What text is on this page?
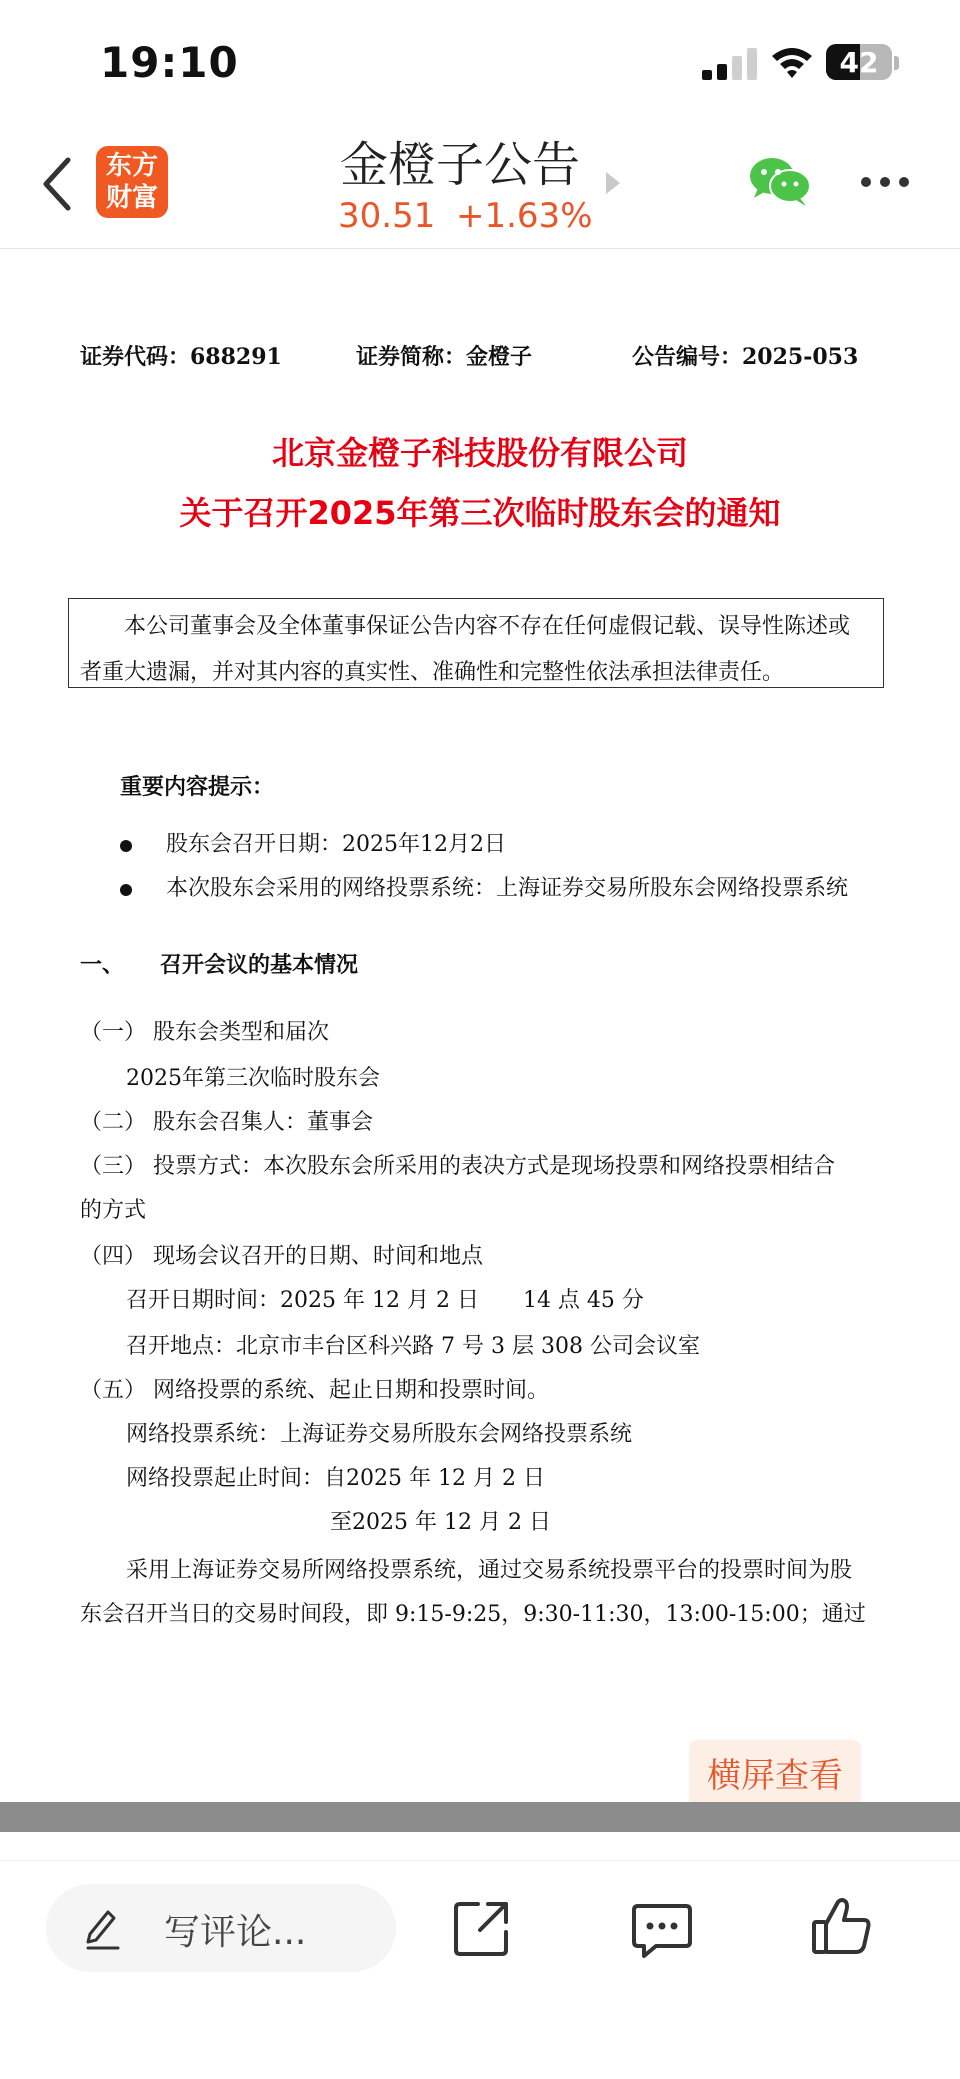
19:10	42
东方
财富
金橙子公告
30.51 +1.63%
证券代码：688291	证券简称：金橙子	公告编号：2025-053
北京金橙子科技股份有限公司
关于召开2025年第三次临时股东会的通知
　　本公司董事会及全体董事保证公告内容不存在任何虚假记载、误导性陈述或
者重大遗漏，并对其内容的真实性、准确性和完整性依法承担法律责任。
重要内容提示：
股东会召开日期：2025年12月2日
本次股东会采用的网络投票系统：上海证券交易所股东会网络投票系统
一、 召开会议的基本情况
（一） 股东会类型和届次
2025年第三次临时股东会
（二） 股东会召集人：董事会
（三） 投票方式：本次股东会所采用的表决方式是现场投票和网络投票相结合
的方式
（四） 现场会议召开的日期、时间和地点
召开日期时间：2025 年 12 月 2 日　　14 点 45 分
召开地点：北京市丰台区科兴路 7 号 3 层 308 公司会议室
（五） 网络投票的系统、起止日期和投票时间。
网络投票系统：上海证券交易所股东会网络投票系统
网络投票起止时间：自2025 年 12 月 2 日
至2025 年 12 月 2 日
采用上海证券交易所网络投票系统，通过交易系统投票平台的投票时间为股
东会召开当日的交易时间段，即 9:15-9:25，9:30-11:30，13:00-15:00；通过
横屏查看
写评论...
